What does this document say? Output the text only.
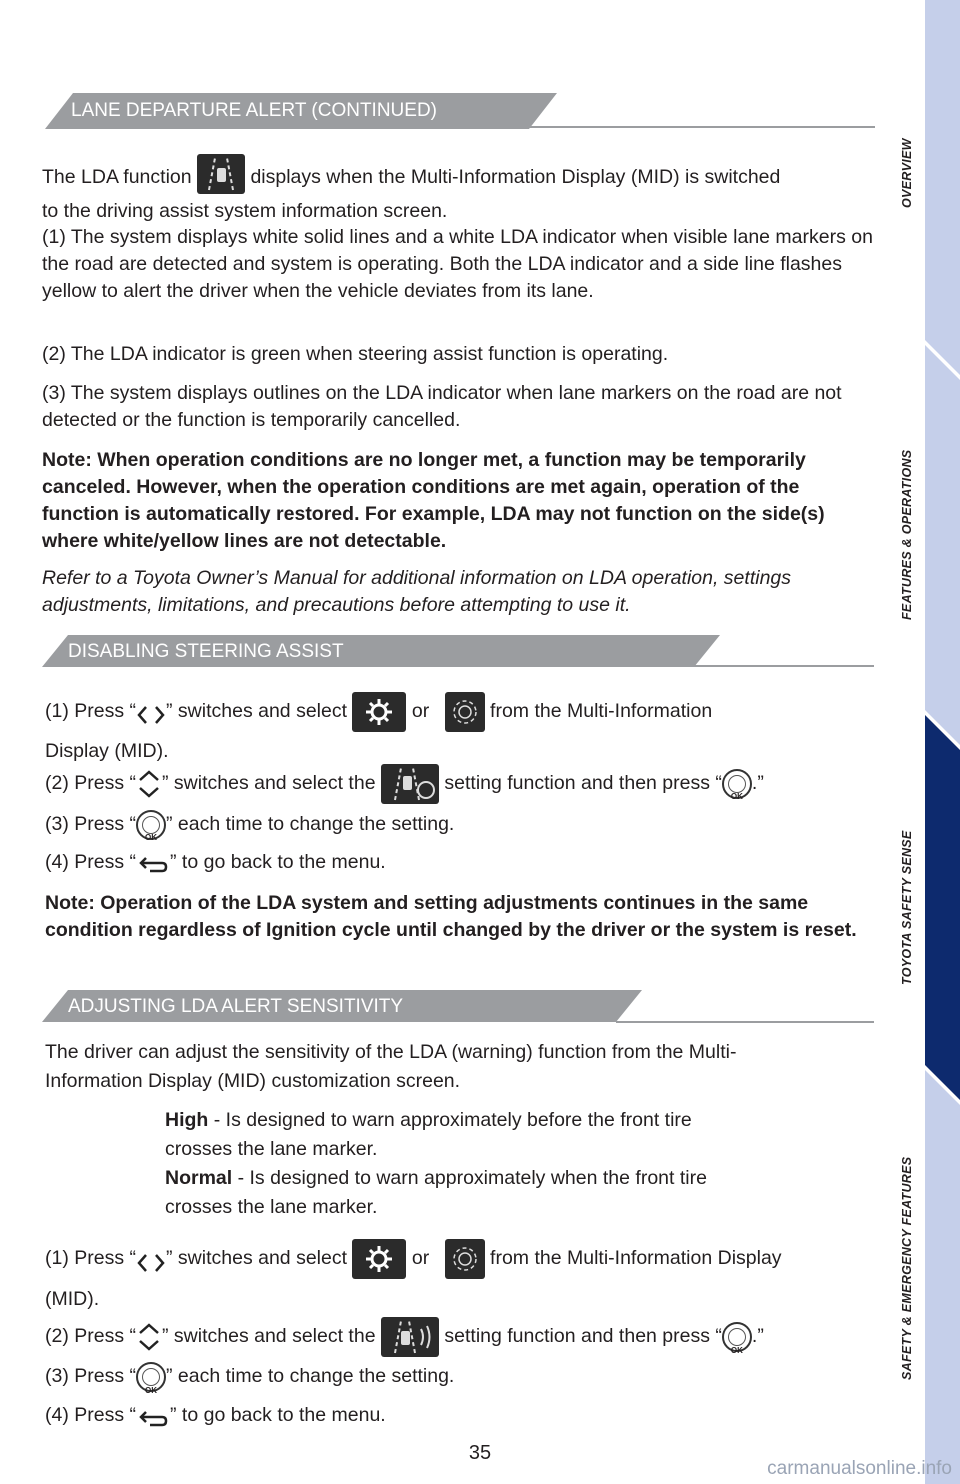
OVERVIEW
FEATURES & OPERATIONS
TOYOTA SAFETY SENSE
SAFETY & EMERGENCY FEATURES
LANE DEPARTURE ALERT (CONTINUED)
The LDA function	displays when the Multi-Information Display (MID) is switched
to the driving assist system information screen.
(1) The system displays white solid lines and a white LDA indicator when visible lane markers on the road are detected and system is operating. Both the LDA indicator and a side line flashes yellow to alert the driver when the vehicle deviates from its lane.
(2) The LDA indicator is green when steering assist function is operating.
(3) The system displays outlines on the LDA indicator when lane markers on the road are not detected or the function is temporarily cancelled.
Note: When operation conditions are no longer met, a function may be temporarily canceled. However, when the operation conditions are met again, operation of the function is automatically restored. For example, LDA may not function on the side(s) where white/yellow lines are not detectable.
Refer to a Toyota Owner’s Manual for additional information on LDA operation, settings adjustments, limitations, and precautions before attempting to use it.
DISABLING STEERING ASSIST
(1) Press “ ” switches and select	or	from the Multi-Information
Display (MID).
(2) Press “ ” switches and select the	setting function and then press “
OK
.”
(3) Press “
OK
” each time to change the setting.
(4) Press “ ” to go back to the menu.
Note: Operation of the LDA system and setting adjustments continues in the same condition regardless of Ignition cycle until changed by the driver or the system is reset.
ADJUSTING LDA ALERT SENSITIVITY
The driver can adjust the sensitivity of the LDA (warning) function from the Multi-Information Display (MID) customization screen.
High - Is designed to warn approximately before the front tire crosses the lane marker.
Normal - Is designed to warn approximately when the front tire crosses the lane marker.
(1) Press “ ” switches and select	or	from the Multi-Information Display
(MID).
(2) Press “ ” switches and select the	setting function and then press “
OK
.”
(3) Press “
OK
” each time to change the setting.
(4) Press “ ” to go back to the menu.
35
carmanualsonline.info
